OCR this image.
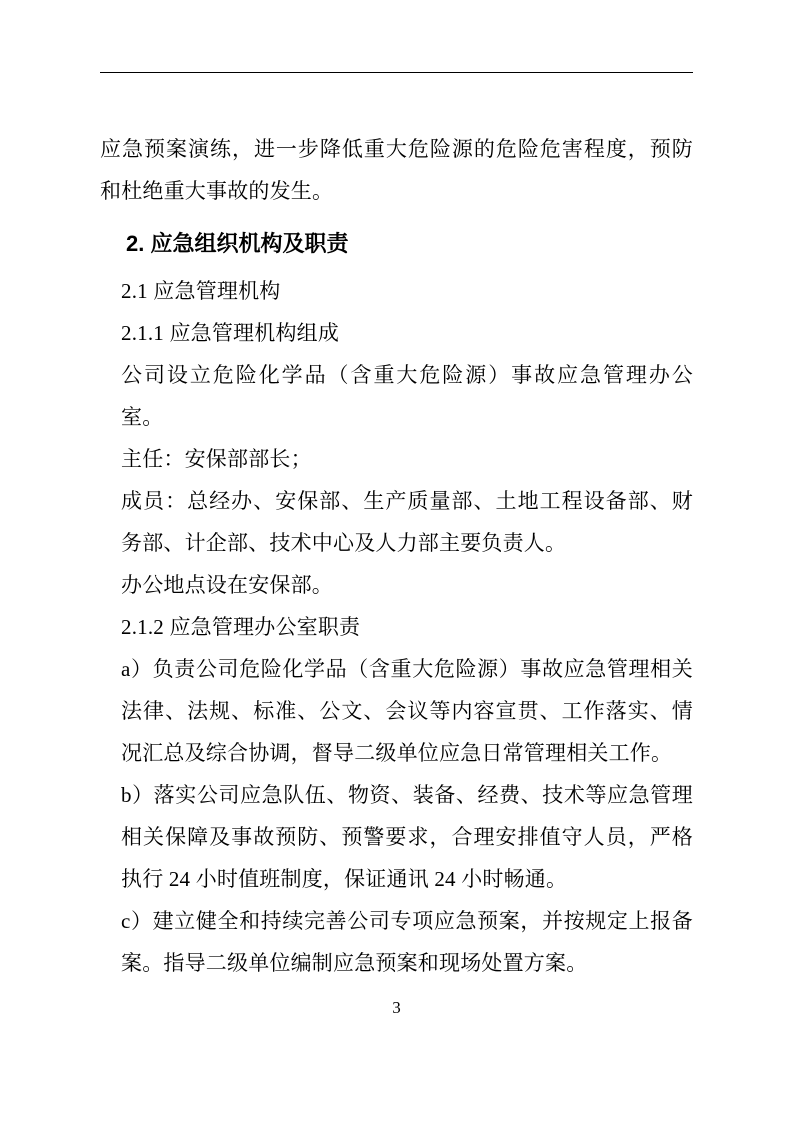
应急预案演练，进一步降低重大危险源的危险危害程度，预防和杜绝重大事故的发生。

2. 应急组织机构及职责

2.1 应急管理机构

2.1.1 应急管理机构组成

公司设立危险化学品（含重大危险源）事故应急管理办公室。

主任：安保部部长；

成员：总经办、安保部、生产质量部、土地工程设备部、财务部、计企部、技术中心及人力部主要负责人。

办公地点设在安保部。

2.1.2 应急管理办公室职责

a）负责公司危险化学品（含重大危险源）事故应急管理相关法律、法规、标准、公文、会议等内容宣贯、工作落实、情况汇总及综合协调，督导二级单位应急日常管理相关工作。

b）落实公司应急队伍、物资、装备、经费、技术等应急管理相关保障及事故预防、预警要求，合理安排值守人员，严格执行 24 小时值班制度，保证通讯 24 小时畅通。

c）建立健全和持续完善公司专项应急预案，并按规定上报备案。指导二级单位编制应急预案和现场处置方案。

3
